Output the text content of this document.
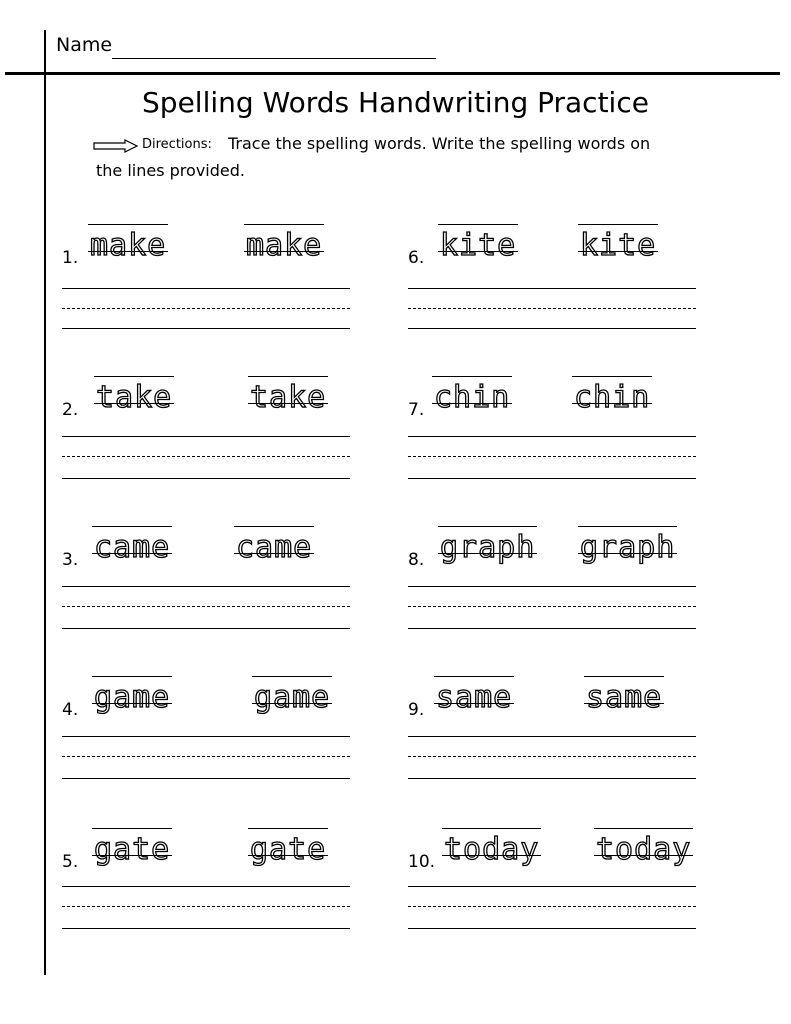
Name
Spelling Words Handwriting Practice
Directions: Trace the spelling words. Write the spelling words on
the lines provided.
1. make	make
2. take	take
3. came came
4. game	game
5. gate	gate
6. kite kite
7. chin chin
8. graph graph
9. same same
10. today today
